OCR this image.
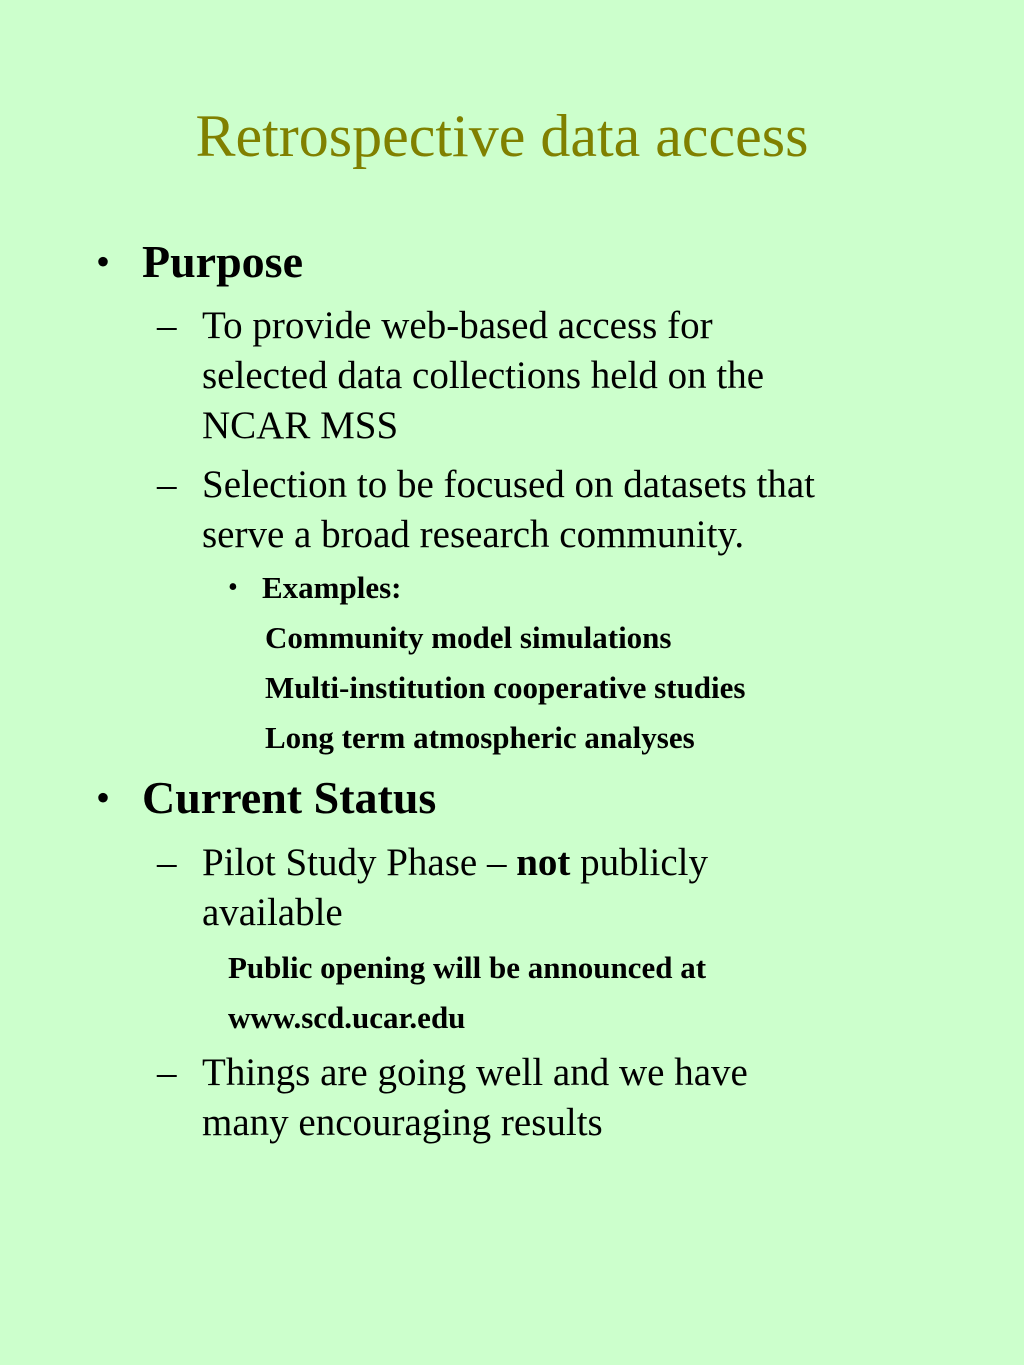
Retrospective data access
• Purpose
– To provide web-based access for
selected data collections held on the
NCAR MSS
– Selection to be focused on datasets that
serve a broad research community.
• Examples:
Community model simulations
Multi-institution cooperative studies
Long term atmospheric analyses
• Current Status
– Pilot Study Phase – not publicly
available
Public opening will be announced at
www.scd.ucar.edu
– Things are going well and we have
many encouraging results
